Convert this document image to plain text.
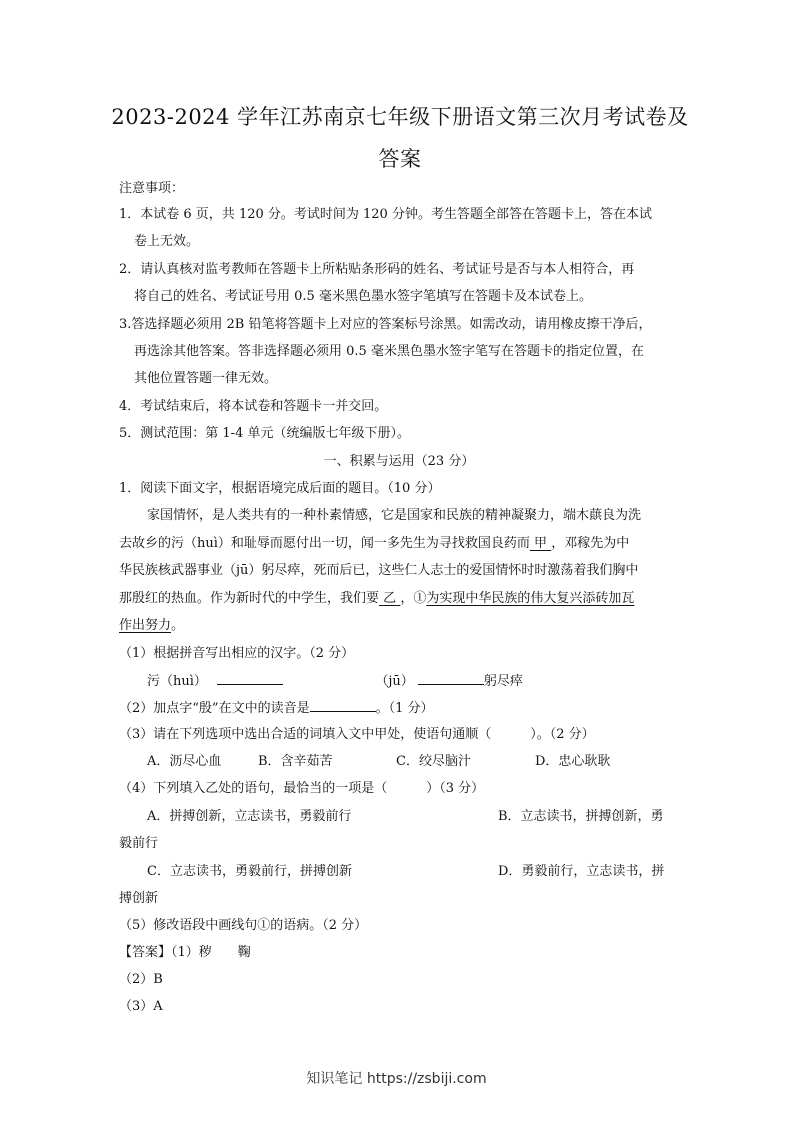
2023-2024 学年江苏南京七年级下册语文第三次月考试卷及
答案
注意事项：
1．本试卷 6 页，共 120 分。考试时间为 120 分钟。考生答题全部答在答题卡上，答在本试
卷上无效。
2．请认真核对监考教师在答题卡上所粘贴条形码的姓名、考试证号是否与本人相符合，再
将自己的姓名、考试证号用 0.5 毫米黑色墨水签字笔填写在答题卡及本试卷上。
3.答选择题必须用 2B 铅笔将答题卡上对应的答案标号涂黑。如需改动，请用橡皮擦干净后，
再选涂其他答案。答非选择题必须用 0.5 毫米黑色墨水签字笔写在答题卡的指定位置，在
其他位置答题一律无效。
4．考试结束后，将本试卷和答题卡一并交回。
5．测试范围：第 1-4 单元（统编版七年级下册）。
一、积累与运用（23 分）
1．阅读下面文字，根据语境完成后面的题目。（10 分）
家国情怀，是人类共有的一种朴素情感，它是国家和民族的精神凝聚力，端木蕻良为洗
去故乡的污（huì）和耻辱而愿付出一切，闻一多先生为寻找救国良药而 甲 ，邓稼先为中
华民族核武器事业（jū）躬尽瘁，死而后已，这些仁人志士的爱国情怀时时激荡着我们胸中
那殷红的热血。作为新时代的中学生，我们要 乙 ，①为实现中华民族的伟大复兴添砖加瓦
作出努力。
（1）根据拼音写出相应的汉字。（2 分）
污（huì）	（jū）	躬尽瘁
（2）加点字“殷”在文中的读音是	。（1 分）
（3）请在下列选项中选出合适的词填入文中甲处，使语句通顺（　　　）。（2 分）
A．沥尽心血	B．含辛茹苦	C．绞尽脑汁	D．忠心耿耿
（4）下列填入乙处的语句，最恰当的一项是（　　　）（3 分）
A．拼搏创新，立志读书，勇毅前行	B．立志读书，拼搏创新，勇
毅前行
C．立志读书，勇毅前行，拼搏创新	D．勇毅前行，立志读书，拼
搏创新
（5）修改语段中画线句①的语病。（2 分）
【答案】（1）秽　　鞠
（2）B
（3）A
知识笔记 https://zsbiji.com
